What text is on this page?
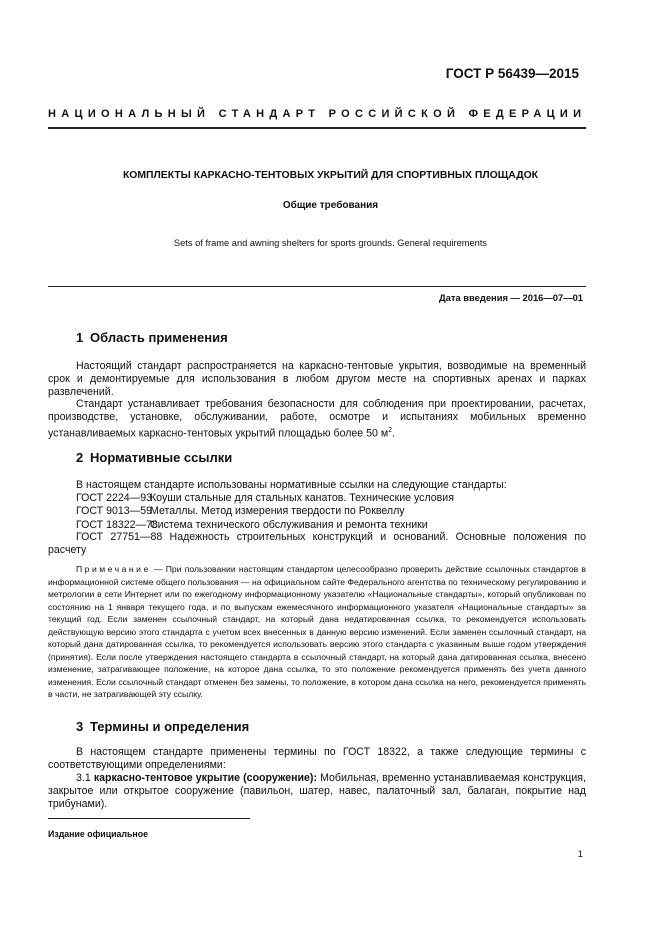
ГОСТ Р 56439—2015
НАЦИОНАЛЬНЫЙ СТАНДАРТ РОССИЙСКОЙ ФЕДЕРАЦИИ
КОМПЛЕКТЫ КАРКАСНО-ТЕНТОВЫХ УКРЫТИЙ ДЛЯ СПОРТИВНЫХ ПЛОЩАДОК
Общие требования
Sets of frame and awning shelters for sports grounds. General requirements
Дата введения — 2016—07—01
1 Область применения

Настоящий стандарт распространяется на каркасно-тентовые укрытия, возводимые на временный срок и демонтируемые для использования в любом другом месте на спортивных аренах и парках развлечений.

Стандарт устанавливает требования безопасности для соблюдения при проектировании, расчетах, производстве, установке, обслуживании, работе, осмотре и испытаниях мобильных временно устанавливаемых каркасно-тентовых укрытий площадью более 50 $м^2$.

2 Нормативные ссылки
В настоящем стандарте использованы нормативные ссылки на следующие стандарты:
ГОСТ 2224—93Коуши стальные для стальных канатов. Технические условия
ГОСТ 9013—59Металлы. Метод измерения твердости по Роквеллу
ГОСТ 18322—78Система технического обслуживания и ремонта техники

ГОСТ 27751—88 Надежность строительных конструкций и оснований. Основные положения по расчету

Примечание — При пользовании настоящим стандартом целесообразно проверить действие ссылочных стандартов в информационной системе общего пользования — на официальном сайте Федерального агентства по техническому регулированию и метрологии в сети Интернет или по ежегодному информационному указателю «Национальные стандарты», который опубликован по состоянию на 1 января текущего года, и по выпускам ежемесячного информационного указателя «Национальные стандарты» за текущий год. Если заменен ссылочный стандарт, на который дана недатированная ссылка, то рекомендуется использовать действующую версию этого стандарта с учетом всех внесенных в данную версию изменений. Если заменен ссылочный стандарт, на который дана датированная ссылка, то рекомендуется использовать версию этого стандарта с указанным выше годом утверждения (принятия). Если после утверждения настоящего стандарта в ссылочный стандарт, на который дана датированная ссылка, внесено изменение, затрагивающее положение, на которое дана ссылка, то это положение рекомендуется применять без учета данного изменения. Если ссылочный стандарт отменен без замены, то положение, в котором дана ссылка на него, рекомендуется применять в части, не затрагивающей эту ссылку.

3 Термины и определения

В настоящем стандарте применены термины по ГОСТ 18322, а также следующие термины с соответствующими определениями:

3.1 каркасно-тентовое укрытие (сооружение): Мобильная, временно устанавливаемая конструкция, закрытое или открытое сооружение (павильон, шатер, навес, палаточный зал, балаган, покрытие над трибунами).

Издание официальное
1
